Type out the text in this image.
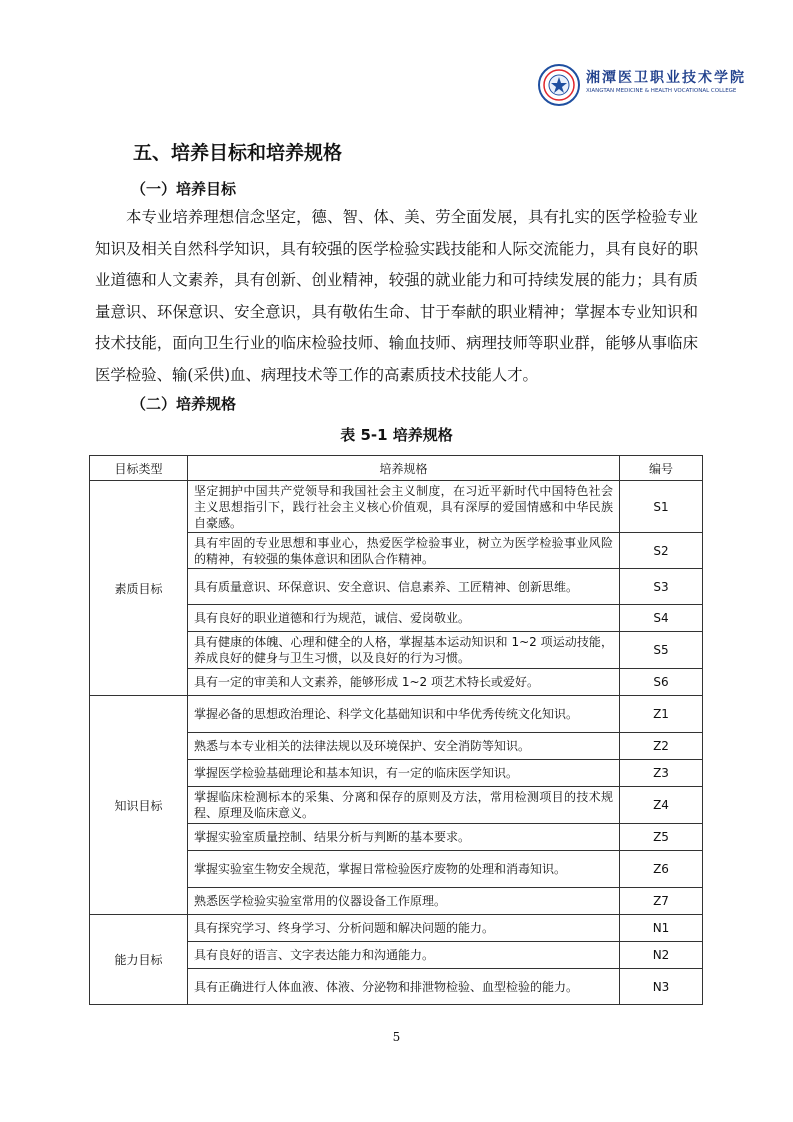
湘潭医卫职业技术学院
XIANGTAN MEDICINE & HEALTH VOCATIONAL COLLEGE
五、培养目标和培养规格
（一）培养目标

本专业培养理想信念坚定，德、智、体、美、劳全面发展，具有扎实的医学检验专业知识及相关自然科学知识，具有较强的医学检验实践技能和人际交流能力，具有良好的职业道德和人文素养，具有创新、创业精神，较强的就业能力和可持续发展的能力；具有质量意识、环保意识、安全意识，具有敬佑生命、甘于奉献的职业精神；掌握本专业知识和技术技能，面向卫生行业的临床检验技师、输血技师、病理技师等职业群，能够从事临床医学检验、输(采供)血、病理技术等工作的高素质技术技能人才。

（二）培养规格
表 5-1 培养规格
目标类型	培养规格	编号
素质目标	坚定拥护中国共产党领导和我国社会主义制度，在习近平新时代中国特色社会主义思想指引下，践行社会主义核心价值观，具有深厚的爱国情感和中华民族自豪感。	S1
	具有牢固的专业思想和事业心，热爱医学检验事业，树立为医学检验事业风险的精神，有较强的集体意识和团队合作精神。	S2
	具有质量意识、环保意识、安全意识、信息素养、工匠精神、创新思维。	S3
	具有良好的职业道德和行为规范，诚信、爱岗敬业。	S4
	具有健康的体魄、心理和健全的人格，掌握基本运动知识和 1~2 项运动技能，养成良好的健身与卫生习惯，以及良好的行为习惯。	S5
	具有一定的审美和人文素养，能够形成 1~2 项艺术特长或爱好。	S6
知识目标	掌握必备的思想政治理论、科学文化基础知识和中华优秀传统文化知识。	Z1
	熟悉与本专业相关的法律法规以及环境保护、安全消防等知识。	Z2
	掌握医学检验基础理论和基本知识，有一定的临床医学知识。	Z3
	掌握临床检测标本的采集、分离和保存的原则及方法，常用检测项目的技术规程、原理及临床意义。	Z4
	掌握实验室质量控制、结果分析与判断的基本要求。	Z5
	掌握实验室生物安全规范，掌握日常检验医疗废物的处理和消毒知识。	Z6
	熟悉医学检验实验室常用的仪器设备工作原理。	Z7
能力目标	具有探究学习、终身学习、分析问题和解决问题的能力。	N1
	具有良好的语言、文字表达能力和沟通能力。	N2
	具有正确进行人体血液、体液、分泌物和排泄物检验、血型检验的能力。	N3
5
